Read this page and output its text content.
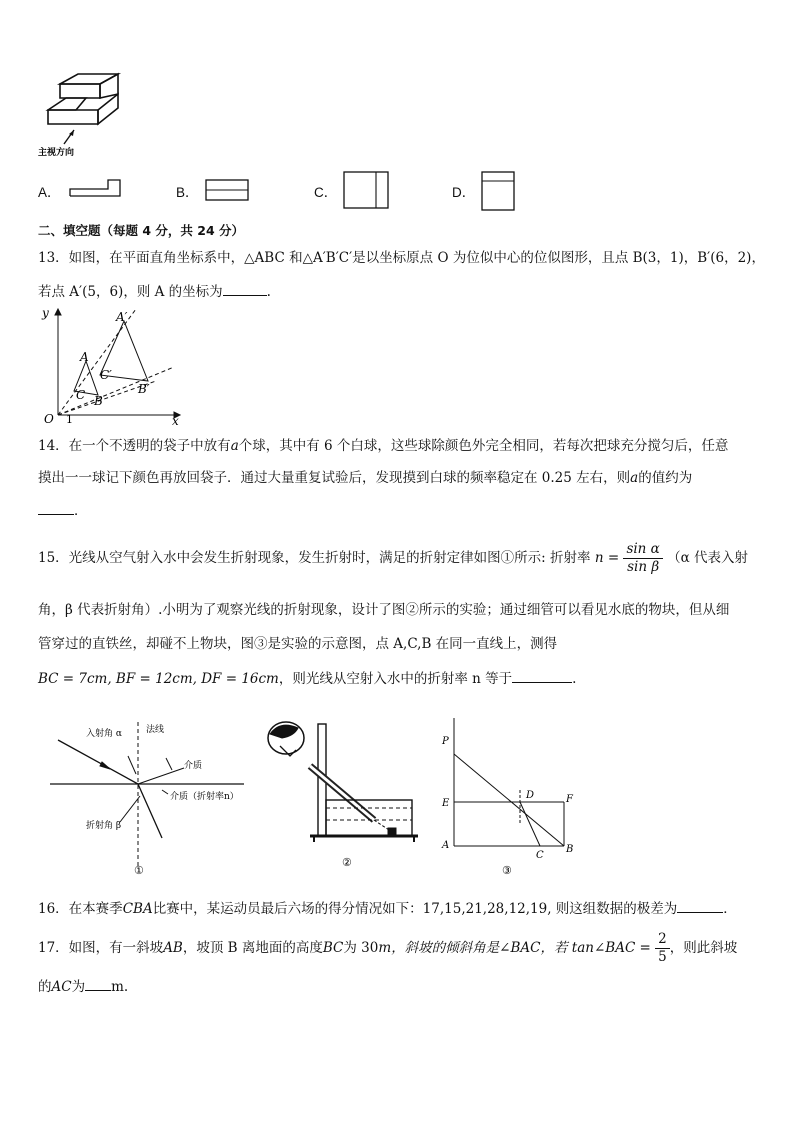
主视方向
A．	B．	C．	D．
二、填空题（每题 4 分，共 24 分）
13．如图，在平面直角坐标系中，△ABC 和△A′B′C′是以坐标原点 O 为位似中心的位似图形，且点 B(3，1)，B′(6，2)，
若点 A′(5，6)，则 A 的坐标为	.
y
x
O 1
A
B
C
A′
B′
C′
14．在一个不透明的袋子中放有a个球，其中有 6 个白球，这些球除颜色外完全相同，若每次把球充分搅匀后，任意
摸出一一球记下颜色再放回袋子．通过大量重复试验后，发现摸到白球的频率稳定在 0.25 左右，则a的值约为
．
15．光线从空气射入水中会发生折射现象，发生折射时，满足的折射定律如图①所示: 折射率 $n = \frac{\text{sin α}}{\text{sin β}} (\alpha$ 代表入射
角，β 代表折射角）.小明为了观察光线的折射现象，设计了图②所示的实验；通过细管可以看见水底的物块，但从细
管穿过的直铁丝，却碰不上物块，图③是实验的示意图，点 A,C,B 在同一直线上，测得
BC = 7cm, BF = 12cm, DF = 16cm，则光线从空射入水中的折射率 n 等于	.
入射角 α	法线
介质
介质（折射率n）
折射角 β
①
②
P
E
D	F
A
C
B
③
16．在本赛季CBA比赛中，某运动员最后六场的得分情况如下：17,15,21,28,12,19, 则这组数据的极差为	．
17．如图，有一斜坡AB，坡顶 B 离地面的高度BC为 30m，斜坡的倾斜角是∠BAC，若 tan∠BAC = $\frac{2}{5}$ ，则此斜坡
的AC为 m.
